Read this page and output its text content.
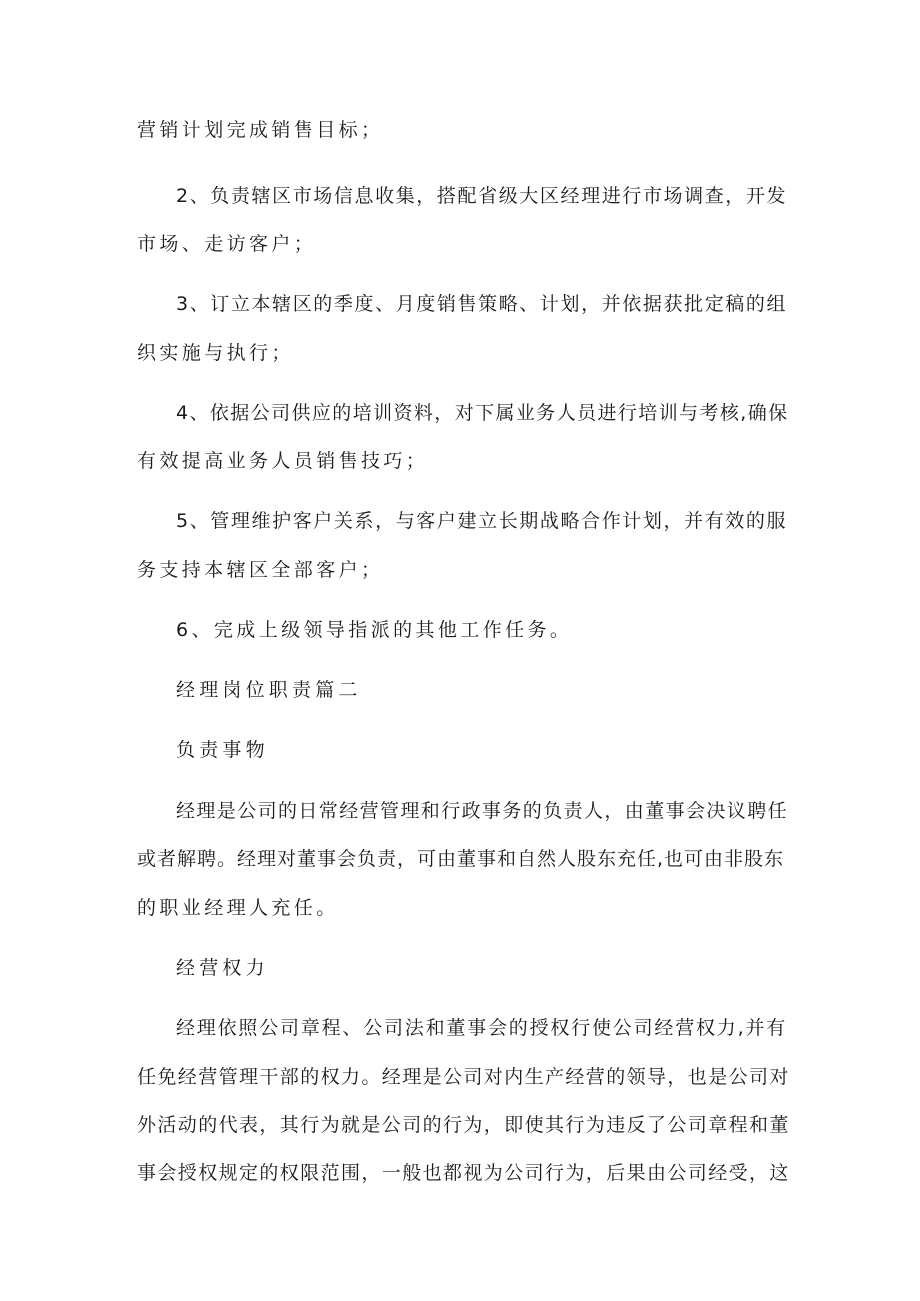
营销计划完成销售目标；

2、负责辖区市场信息收集，搭配省级大区经理进行市场调查，开发

市场、走访客户；

3、订立本辖区的季度、月度销售策略、计划，并依据获批定稿的组

织实施与执行；

4、依据公司供应的培训资料，对下属业务人员进行培训与考核,确保

有效提高业务人员销售技巧；

5、管理维护客户关系，与客户建立长期战略合作计划，并有效的服

务支持本辖区全部客户；

6、完成上级领导指派的其他工作任务。

经理岗位职责篇二

负责事物

经理是公司的日常经营管理和行政事务的负责人，由董事会决议聘任

或者解聘。经理对董事会负责，可由董事和自然人股东充任,也可由非股东

的职业经理人充任。

经营权力

经理依照公司章程、公司法和董事会的授权行使公司经营权力,并有

任免经营管理干部的权力。经理是公司对内生产经营的领导，也是公司对

外活动的代表，其行为就是公司的行为，即使其行为违反了公司章程和董

事会授权规定的权限范围，一般也都视为公司行为，后果由公司经受，这
